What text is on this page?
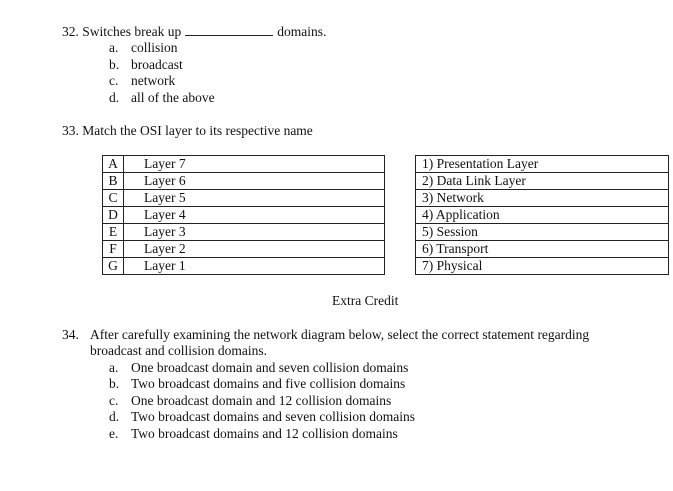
32. Switches break up	domains.
a. collision
b. broadcast
c. network
d. all of the above
33. Match the OSI layer to its respective name
A	Layer 7		1) Presentation Layer
B	Layer 6		2) Data Link Layer
C	Layer 5		3) Network
D	Layer 4		4) Application
E	Layer 3		5) Session
F	Layer 2		6) Transport
G	Layer 1		7) Physical
Extra Credit
34. After carefully examining the network diagram below, select the correct statement regarding
broadcast and collision domains.
a. One broadcast domain and seven collision domains
b. Two broadcast domains and five collision domains
c. One broadcast domain and 12 collision domains
d. Two broadcast domains and seven collision domains
e. Two broadcast domains and 12 collision domains
